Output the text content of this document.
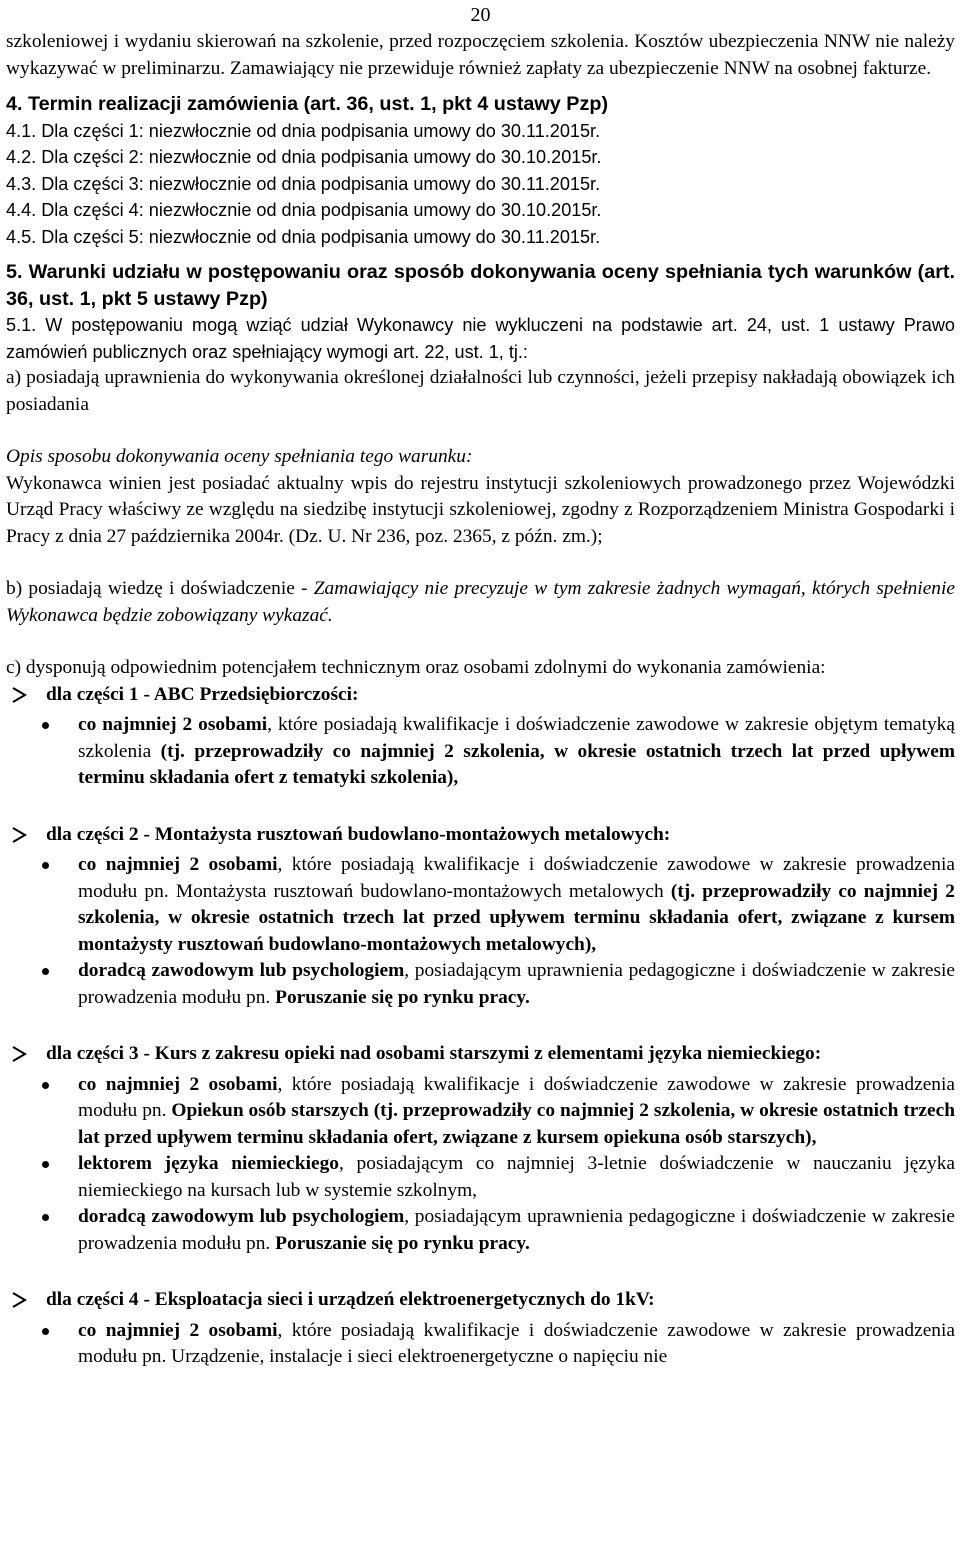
20

szkoleniowej i wydaniu skierowań na szkolenie, przed rozpoczęciem szkolenia. Kosztów ubezpieczenia NNW nie należy wykazywać w preliminarzu. Zamawiający nie przewiduje również zapłaty za ubezpieczenie NNW na osobnej fakturze.

4. Termin realizacji zamówienia (art. 36, ust. 1, pkt 4 ustawy Pzp)

4.1. Dla części 1: niezwłocznie od dnia podpisania umowy do 30.11.2015r.

4.2. Dla części 2: niezwłocznie od dnia podpisania umowy do 30.10.2015r.

4.3. Dla części 3: niezwłocznie od dnia podpisania umowy do 30.11.2015r.

4.4. Dla części 4: niezwłocznie od dnia podpisania umowy do 30.10.2015r.

4.5. Dla części 5: niezwłocznie od dnia podpisania umowy do 30.11.2015r.

5. Warunki udziału w postępowaniu oraz sposób dokonywania oceny spełniania tych warunków (art. 36, ust. 1, pkt 5 ustawy Pzp)

5.1. W postępowaniu mogą wziąć udział Wykonawcy nie wykluczeni na podstawie art. 24, ust. 1 ustawy Prawo zamówień publicznych oraz spełniający wymogi art. 22, ust. 1, tj.:

a) posiadają uprawnienia do wykonywania określonej działalności lub czynności, jeżeli przepisy nakładają obowiązek ich posiadania

Opis sposobu dokonywania oceny spełniania tego warunku:

Wykonawca winien jest posiadać aktualny wpis do rejestru instytucji szkoleniowych prowadzonego przez Wojewódzki Urząd Pracy właściwy ze względu na siedzibę instytucji szkoleniowej, zgodny z Rozporządzeniem Ministra Gospodarki i Pracy z dnia 27 października 2004r. (Dz. U. Nr 236, poz. 2365, z późn. zm.);

b) posiadają wiedzę i doświadczenie - Zamawiający nie precyzuje w tym zakresie żadnych wymagań, których spełnienie Wykonawca będzie zobowiązany wykazać.

c) dysponują odpowiednim potencjałem technicznym oraz osobami zdolnymi do wykonania zamówienia:

dla części 1 - ABC Przedsiębiorczości:
co najmniej 2 osobami, które posiadają kwalifikacje i doświadczenie zawodowe w zakresie objętym tematyką szkolenia (tj. przeprowadziły co najmniej 2 szkolenia, w okresie ostatnich trzech lat przed upływem terminu składania ofert z tematyki szkolenia),
dla części 2 - Montażysta rusztowań budowlano-montażowych metalowych:
co najmniej 2 osobami, które posiadają kwalifikacje i doświadczenie zawodowe w zakresie prowadzenia modułu pn. Montażysta rusztowań budowlano-montażowych metalowych (tj. przeprowadziły co najmniej 2 szkolenia, w okresie ostatnich trzech lat przed upływem terminu składania ofert, związane z kursem montażysty rusztowań budowlano-montażowych metalowych),
doradcą zawodowym lub psychologiem, posiadającym uprawnienia pedagogiczne i doświadczenie w zakresie prowadzenia modułu pn. Poruszanie się po rynku pracy.
dla części 3 - Kurs z zakresu opieki nad osobami starszymi z elementami języka niemieckiego:
co najmniej 2 osobami, które posiadają kwalifikacje i doświadczenie zawodowe w zakresie prowadzenia modułu pn. Opiekun osób starszych (tj. przeprowadziły co najmniej 2 szkolenia, w okresie ostatnich trzech lat przed upływem terminu składania ofert, związane z kursem opiekuna osób starszych),
lektorem języka niemieckiego, posiadającym co najmniej 3-letnie doświadczenie w nauczaniu języka niemieckiego na kursach lub w systemie szkolnym,
doradcą zawodowym lub psychologiem, posiadającym uprawnienia pedagogiczne i doświadczenie w zakresie prowadzenia modułu pn. Poruszanie się po rynku pracy.
dla części 4 - Eksploatacja sieci i urządzeń elektroenergetycznych do 1kV:
co najmniej 2 osobami, które posiadają kwalifikacje i doświadczenie zawodowe w zakresie prowadzenia modułu pn. Urządzenie, instalacje i sieci elektroenergetyczne o napięciu nie
